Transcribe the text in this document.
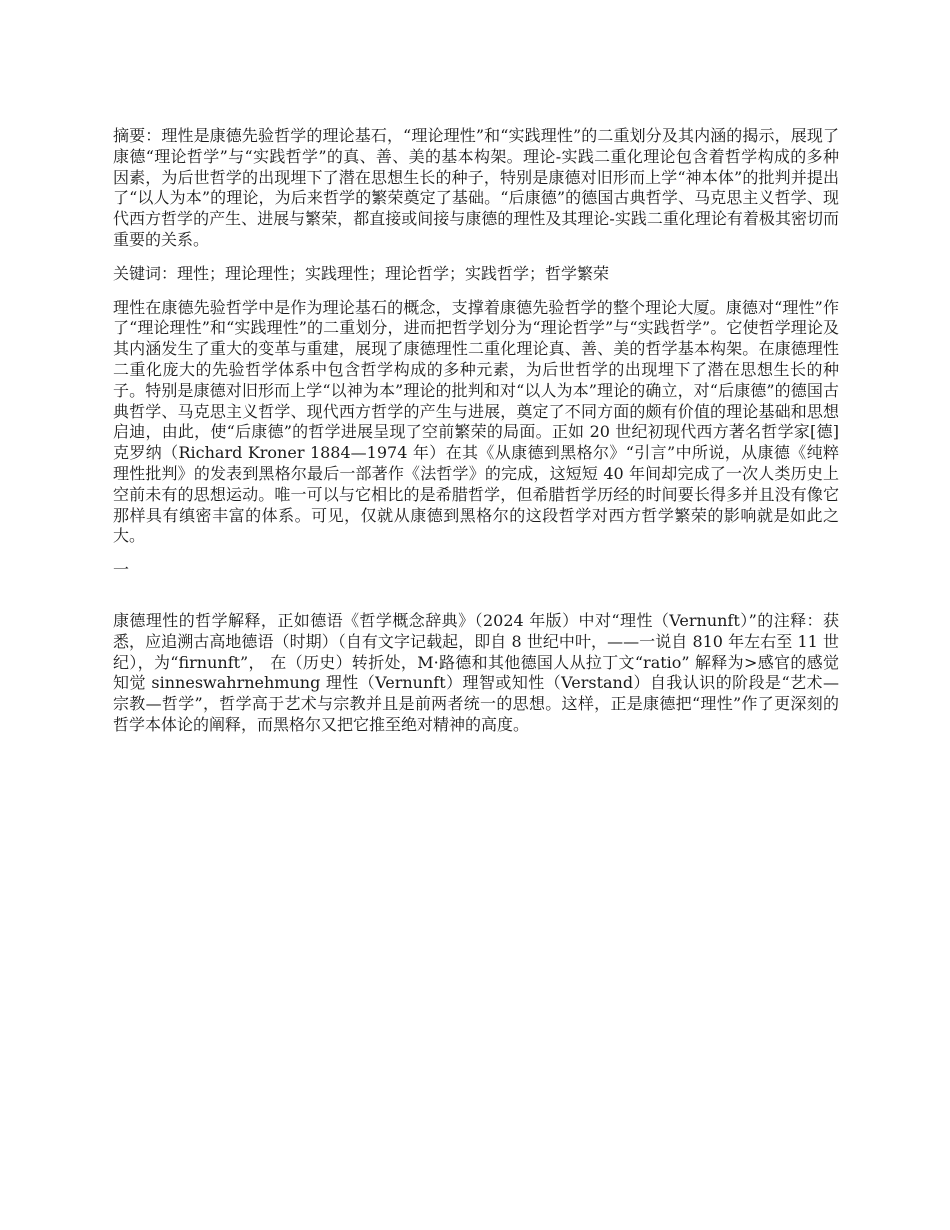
摘要：理性是康德先验哲学的理论基石，“理论理性”和“实践理性”的二重划分及其内涵的揭示，展现了康德“理论哲学”与“实践哲学”的真、善、美的基本构架。理论-实践二重化理论包含着哲学构成的多种因素，为后世哲学的出现埋下了潜在思想生长的种子，特别是康德对旧形而上学“神本体”的批判并提出了“以人为本”的理论，为后来哲学的繁荣奠定了基础。“后康德”的德国古典哲学、马克思主义哲学、现代西方哲学的产生、进展与繁荣，都直接或间接与康德的理性及其理论-实践二重化理论有着极其密切而重要的关系。

关键词：理性；理论理性；实践理性；理论哲学；实践哲学；哲学繁荣

理性在康德先验哲学中是作为理论基石的概念，支撑着康德先验哲学的整个理论大厦。康德对“理性”作了“理论理性”和“实践理性”的二重划分，进而把哲学划分为“理论哲学”与“实践哲学”。它使哲学理论及其内涵发生了重大的变革与重建，展现了康德理性二重化理论真、善、美的哲学基本构架。在康德理性二重化庞大的先验哲学体系中包含哲学构成的多种元素，为后世哲学的出现埋下了潜在思想生长的种子。特别是康德对旧形而上学“以神为本”理论的批判和对“以人为本”理论的确立，对“后康德”的德国古典哲学、马克思主义哲学、现代西方哲学的产生与进展，奠定了不同方面的颇有价值的理论基础和思想启迪，由此，使“后康德”的哲学进展呈现了空前繁荣的局面。正如 20 世纪初现代西方著名哲学家[德]克罗纳（Richard Kroner 1884—1974 年）在其《从康德到黑格尔》“引言”中所说，从康德《纯粹理性批判》的发表到黑格尔最后一部著作《法哲学》的完成，这短短 40 年间却完成了一次人类历史上空前未有的思想运动。唯一可以与它相比的是希腊哲学，但希腊哲学历经的时间要长得多并且没有像它那样具有缜密丰富的体系。可见，仅就从康德到黑格尔的这段哲学对西方哲学繁荣的影响就是如此之大。

一

康德理性的哲学解释，正如德语《哲学概念辞典》（2024 年版）中对“理性（Vernunft）”的注释：获悉，应追溯古高地德语（时期）（自有文字记载起，即自 8 世纪中叶，——一说自 810 年左右至 11 世纪），为“firnunft”， 在（历史）转折处，M·路德和其他德国人从拉丁文“ratio” 解释为>感官的感觉知觉 sinneswahrnehmung 理性（Vernunft）理智或知性（Verstand）自我认识的阶段是“艺术—宗教—哲学”，哲学高于艺术与宗教并且是前两者统一的思想。这样，正是康德把“理性”作了更深刻的哲学本体论的阐释，而黑格尔又把它推至绝对精神的高度。
